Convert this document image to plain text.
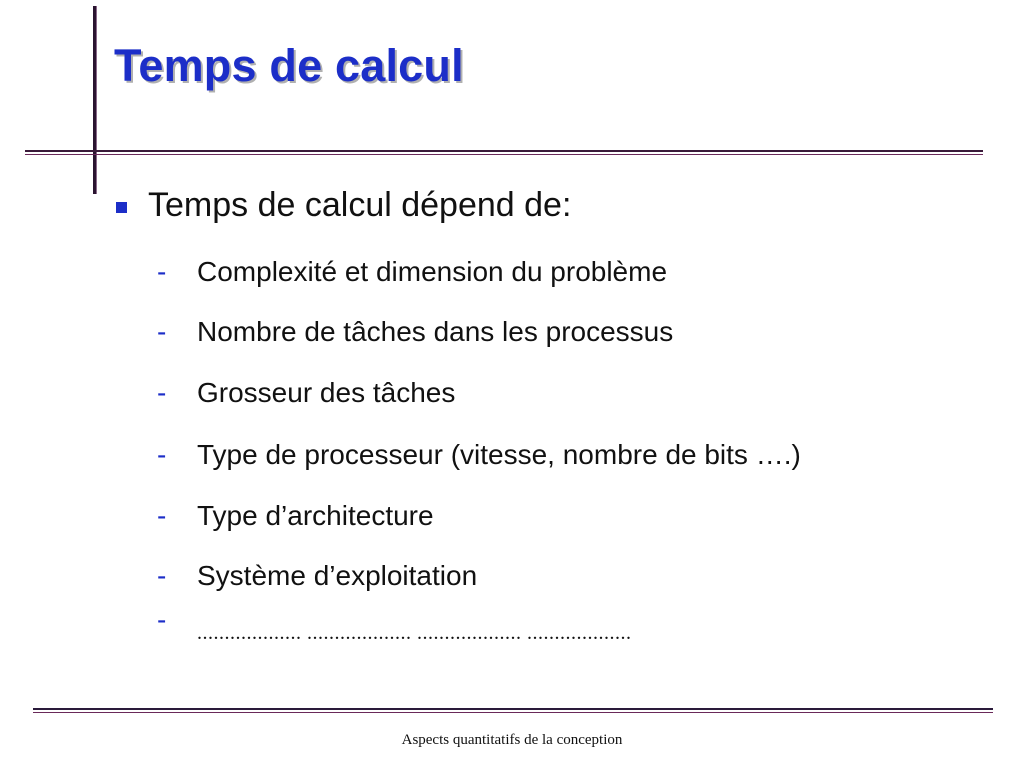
Temps de calcul
Temps de calcul dépend de:
-	Complexité et dimension du problème
-	Nombre de tâches dans les processus
-	Grosseur des tâches
-	Type de processeur (vitesse, nombre de bits ….)
-	Type d’architecture
-	Système d’exploitation
-	................... ................... ................... ...................
Aspects quantitatifs de la conception
